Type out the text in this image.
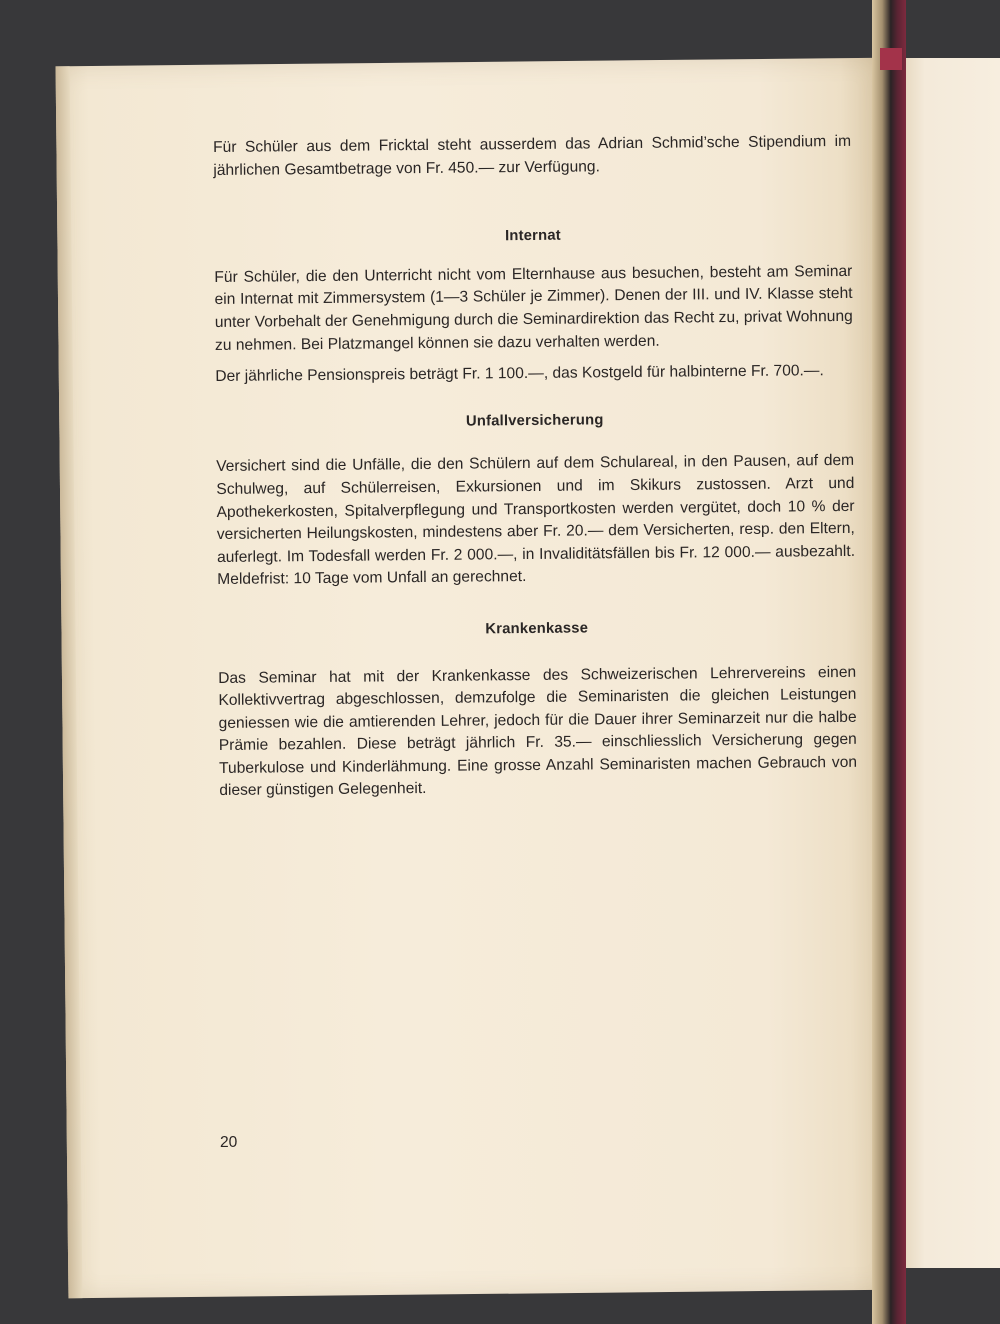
Für Schüler aus dem Fricktal steht ausserdem das Adrian Schmid’sche Stipendium im jährlichen Gesamtbetrage von Fr. 450.— zur Verfügung.

Internat

Für Schüler, die den Unterricht nicht vom Elternhause aus besuchen, besteht am Seminar ein Internat mit Zimmersystem (1—3 Schüler je Zimmer). Denen der III. und IV. Klasse steht unter Vorbehalt der Genehmigung durch die Seminardirektion das Recht zu, privat Wohnung zu nehmen. Bei Platzmangel können sie dazu verhalten werden.

Der jährliche Pensionspreis beträgt Fr. 1 100.—, das Kostgeld für halbinterne Fr. 700.—.

Unfallversicherung

Versichert sind die Unfälle, die den Schülern auf dem Schulareal, in den Pausen, auf dem Schulweg, auf Schülerreisen, Exkursionen und im Skikurs zustossen. Arzt und Apothekerkosten, Spitalverpflegung und Transportkosten werden vergütet, doch 10 % der versicherten Heilungskosten, mindestens aber Fr. 20.— dem Versicherten, resp. den Eltern, auferlegt. Im Todesfall werden Fr. 2 000.—, in Invaliditätsfällen bis Fr. 12 000.— ausbezahlt. Meldefrist: 10 Tage vom Unfall an gerechnet.

Krankenkasse

Das Seminar hat mit der Krankenkasse des Schweizerischen Lehrervereins einen Kollektivvertrag abgeschlossen, demzufolge die Seminaristen die gleichen Leistungen geniessen wie die amtierenden Lehrer, jedoch für die Dauer ihrer Seminarzeit nur die halbe Prämie bezahlen. Diese beträgt jährlich Fr. 35.— einschliesslich Versicherung gegen Tuberkulose und Kinderlähmung. Eine grosse Anzahl Seminaristen machen Gebrauch von dieser günstigen Gelegenheit.

20
